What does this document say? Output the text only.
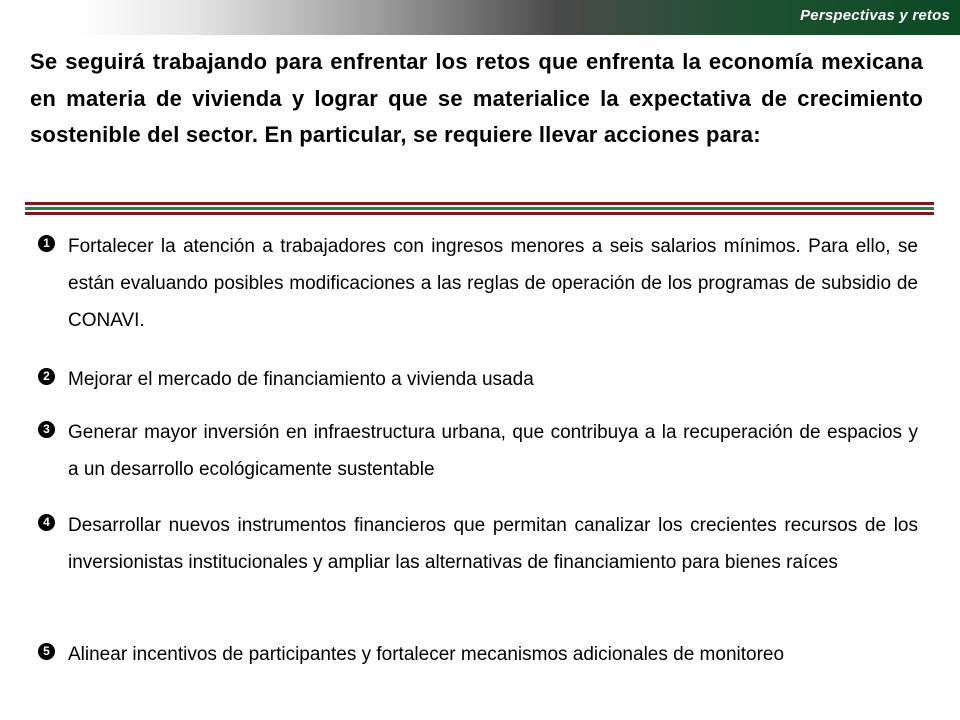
Perspectivas y retos
Se seguirá trabajando para enfrentar los retos que enfrenta la economía mexicana en materia de vivienda y lograr que se materialice la expectativa de crecimiento sostenible del sector. En particular, se requiere llevar acciones para:
1 Fortalecer la atención a trabajadores con ingresos menores a seis salarios mínimos. Para ello, se están evaluando posibles modificaciones a las reglas de operación de los programas de subsidio de CONAVI.
2 Mejorar el mercado de financiamiento a vivienda usada
3 Generar mayor inversión en infraestructura urbana, que contribuya a la recuperación de espacios y a un desarrollo ecológicamente sustentable
4 Desarrollar nuevos instrumentos financieros que permitan canalizar los crecientes recursos de los inversionistas institucionales y ampliar las alternativas de financiamiento para bienes raíces
5 Alinear incentivos de participantes y fortalecer mecanismos adicionales de monitoreo
